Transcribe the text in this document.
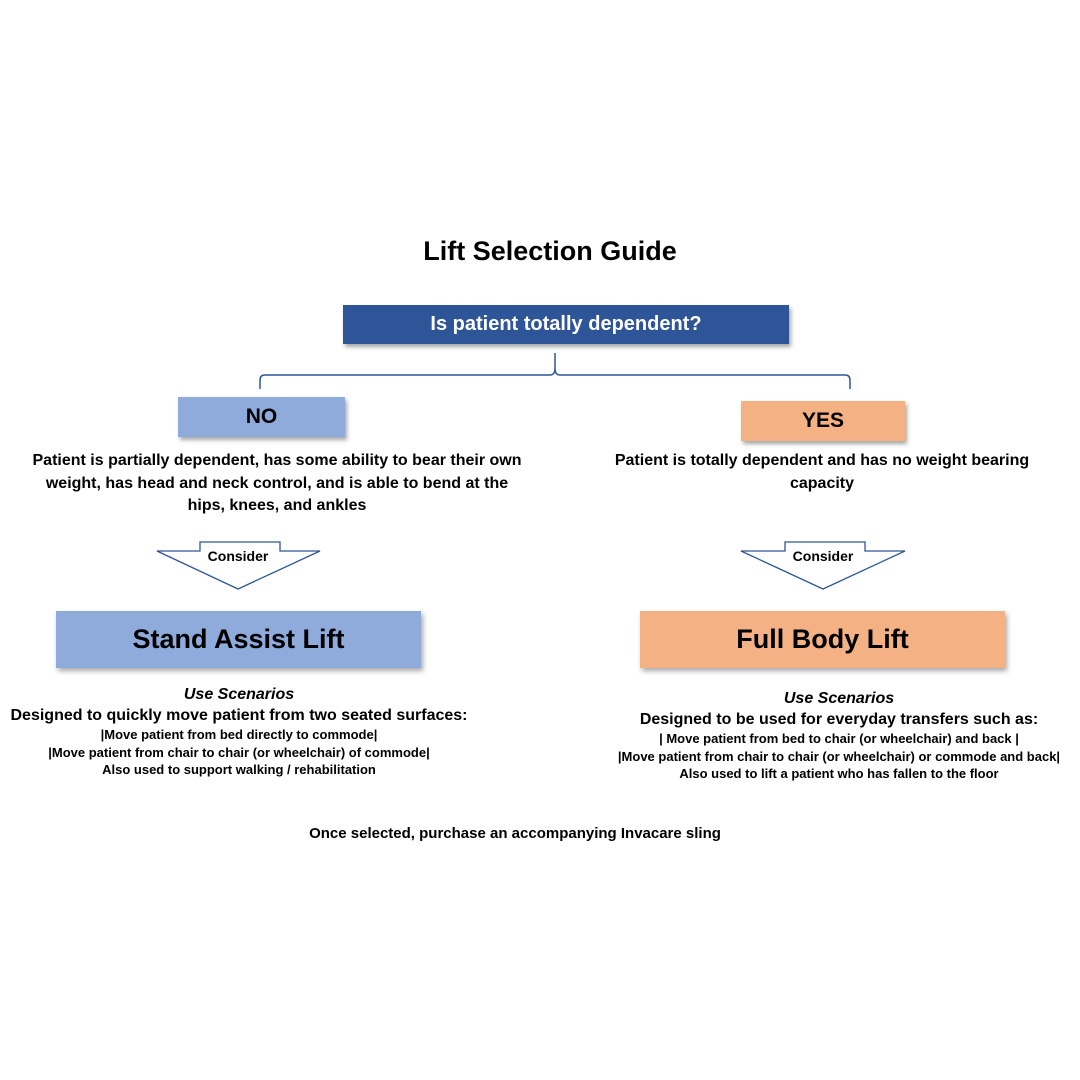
Lift Selection Guide
Is patient totally dependent?
NO	YES
Patient is partially dependent, has some ability to bear their own weight, has head and neck control, and is able to bend at the hips, knees, and ankles
Patient is totally dependent and has no weight bearing capacity
Consider	Consider
Stand Assist Lift	Full Body Lift
Use Scenarios
Designed to quickly move patient from two seated surfaces:
|Move patient from bed directly to commode|
|Move patient from chair to chair (or wheelchair) of commode|
Also used to support walking / rehabilitation
Use Scenarios
Designed to be used for everyday transfers such as:
| Move patient from bed to chair (or wheelchair) and back |
|Move patient from chair to chair (or wheelchair) or commode and back|
Also used to lift a patient who has fallen to the floor
Once selected, purchase an accompanying Invacare sling
